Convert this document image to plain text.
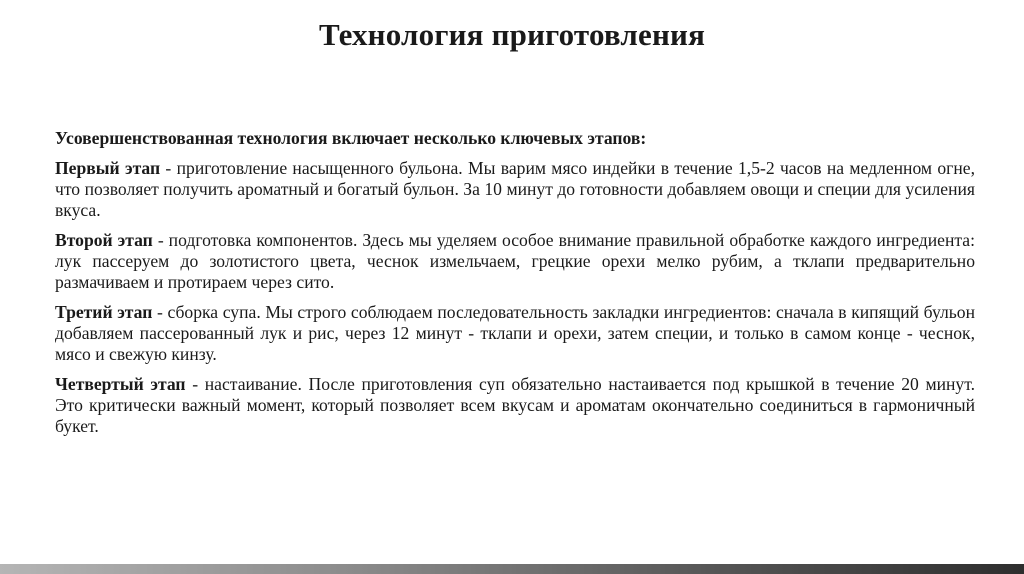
Технология приготовления

Усовершенствованная технология включает несколько ключевых этапов:

Первый этап - приготовление насыщенного бульона. Мы варим мясо индейки в течение 1,5-2 часов на медленном огне, что позволяет получить ароматный и богатый бульон. За 10 минут до готовности добавляем овощи и специи для усиления вкуса.

Второй этап - подготовка компонентов. Здесь мы уделяем особое внимание правильной обработке каждого ингредиента: лук пассеруем до золотистого цвета, чеснок измельчаем, грецкие орехи мелко рубим, а тклапи предварительно размачиваем и протираем через сито.

Третий этап - сборка супа. Мы строго соблюдаем последовательность закладки ингредиентов: сначала в кипящий бульон добавляем пассерованный лук и рис, через 12 минут - тклапи и орехи, затем специи, и только в самом конце - чеснок, мясо и свежую кинзу.

Четвертый этап - настаивание. После приготовления суп обязательно настаивается под крышкой в течение 20 минут. Это критически важный момент, который позволяет всем вкусам и ароматам окончательно соединиться в гармоничный букет.
